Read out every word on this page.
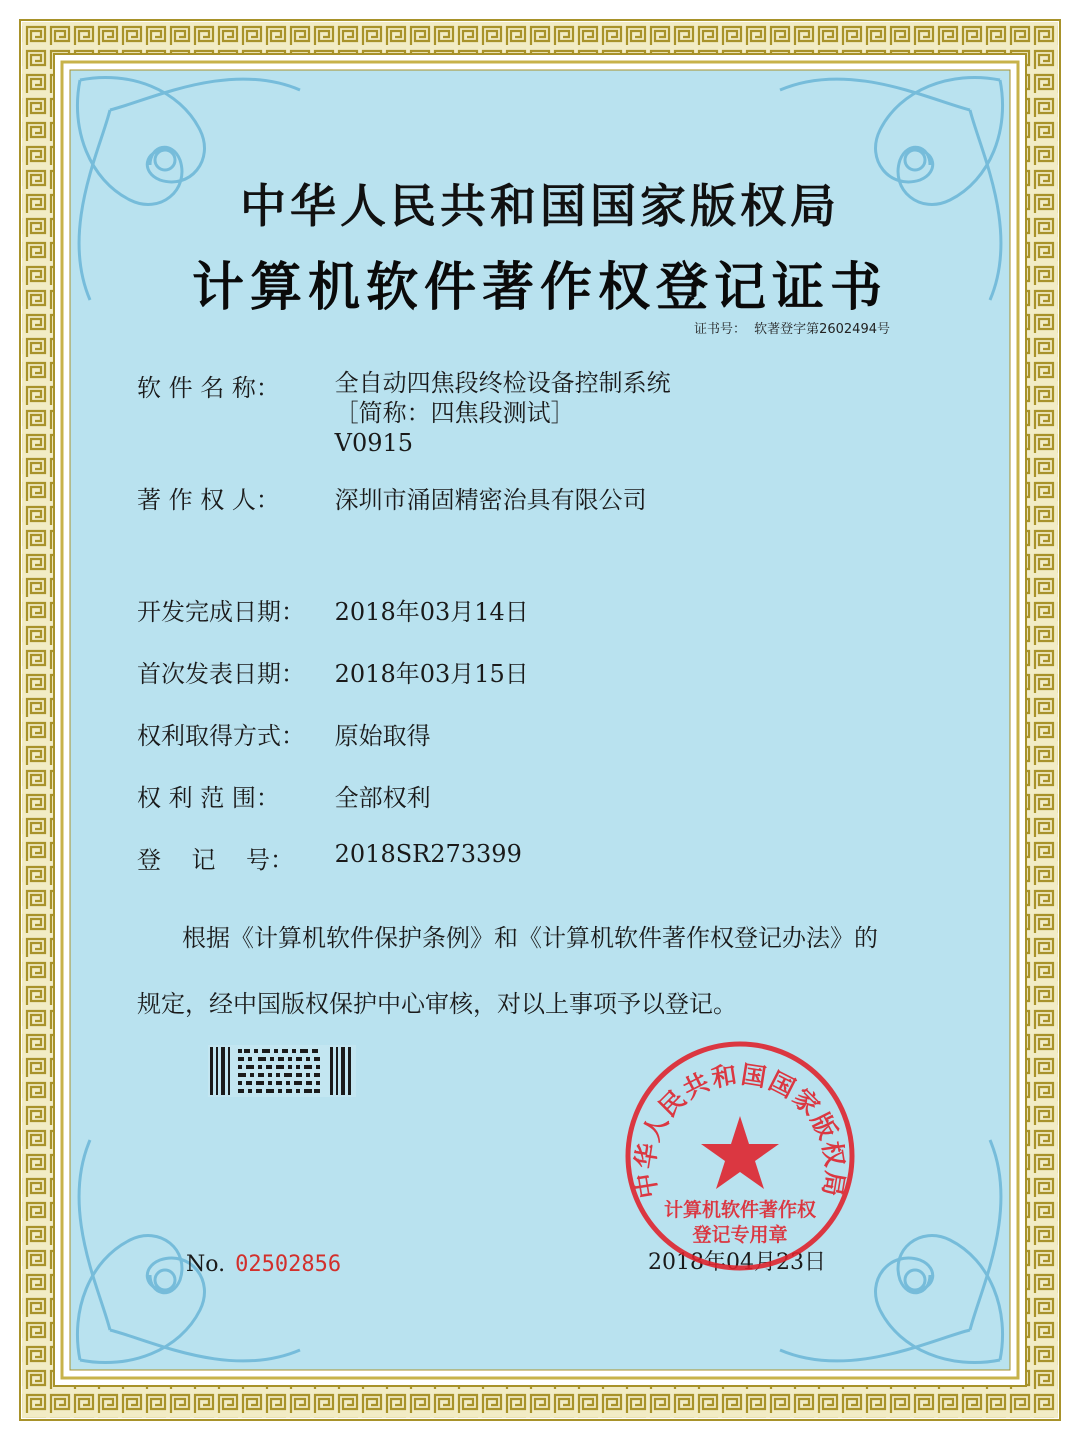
中华人民共和国国家版权局
计算机软件著作权登记证书
证书号： 软著登字第2602494号
软 件 名 称： 全自动四焦段终检设备控制系统
［简称：四焦段测试］
V0915
著 作 权 人： 深圳市涌固精密治具有限公司
开发完成日期： 2018年03月14日
首次发表日期： 2018年03月15日
权利取得方式： 原始取得
权 利 范 围： 全部权利
登    记    号： 2018SR273399
根据《计算机软件保护条例》和《计算机软件著作权登记办法》的
规定，经中国版权保护中心审核，对以上事项予以登记。
No. 02502856	2018年04月23日
中华人民共和国国家版权局
计算机软件著作权
登记专用章
